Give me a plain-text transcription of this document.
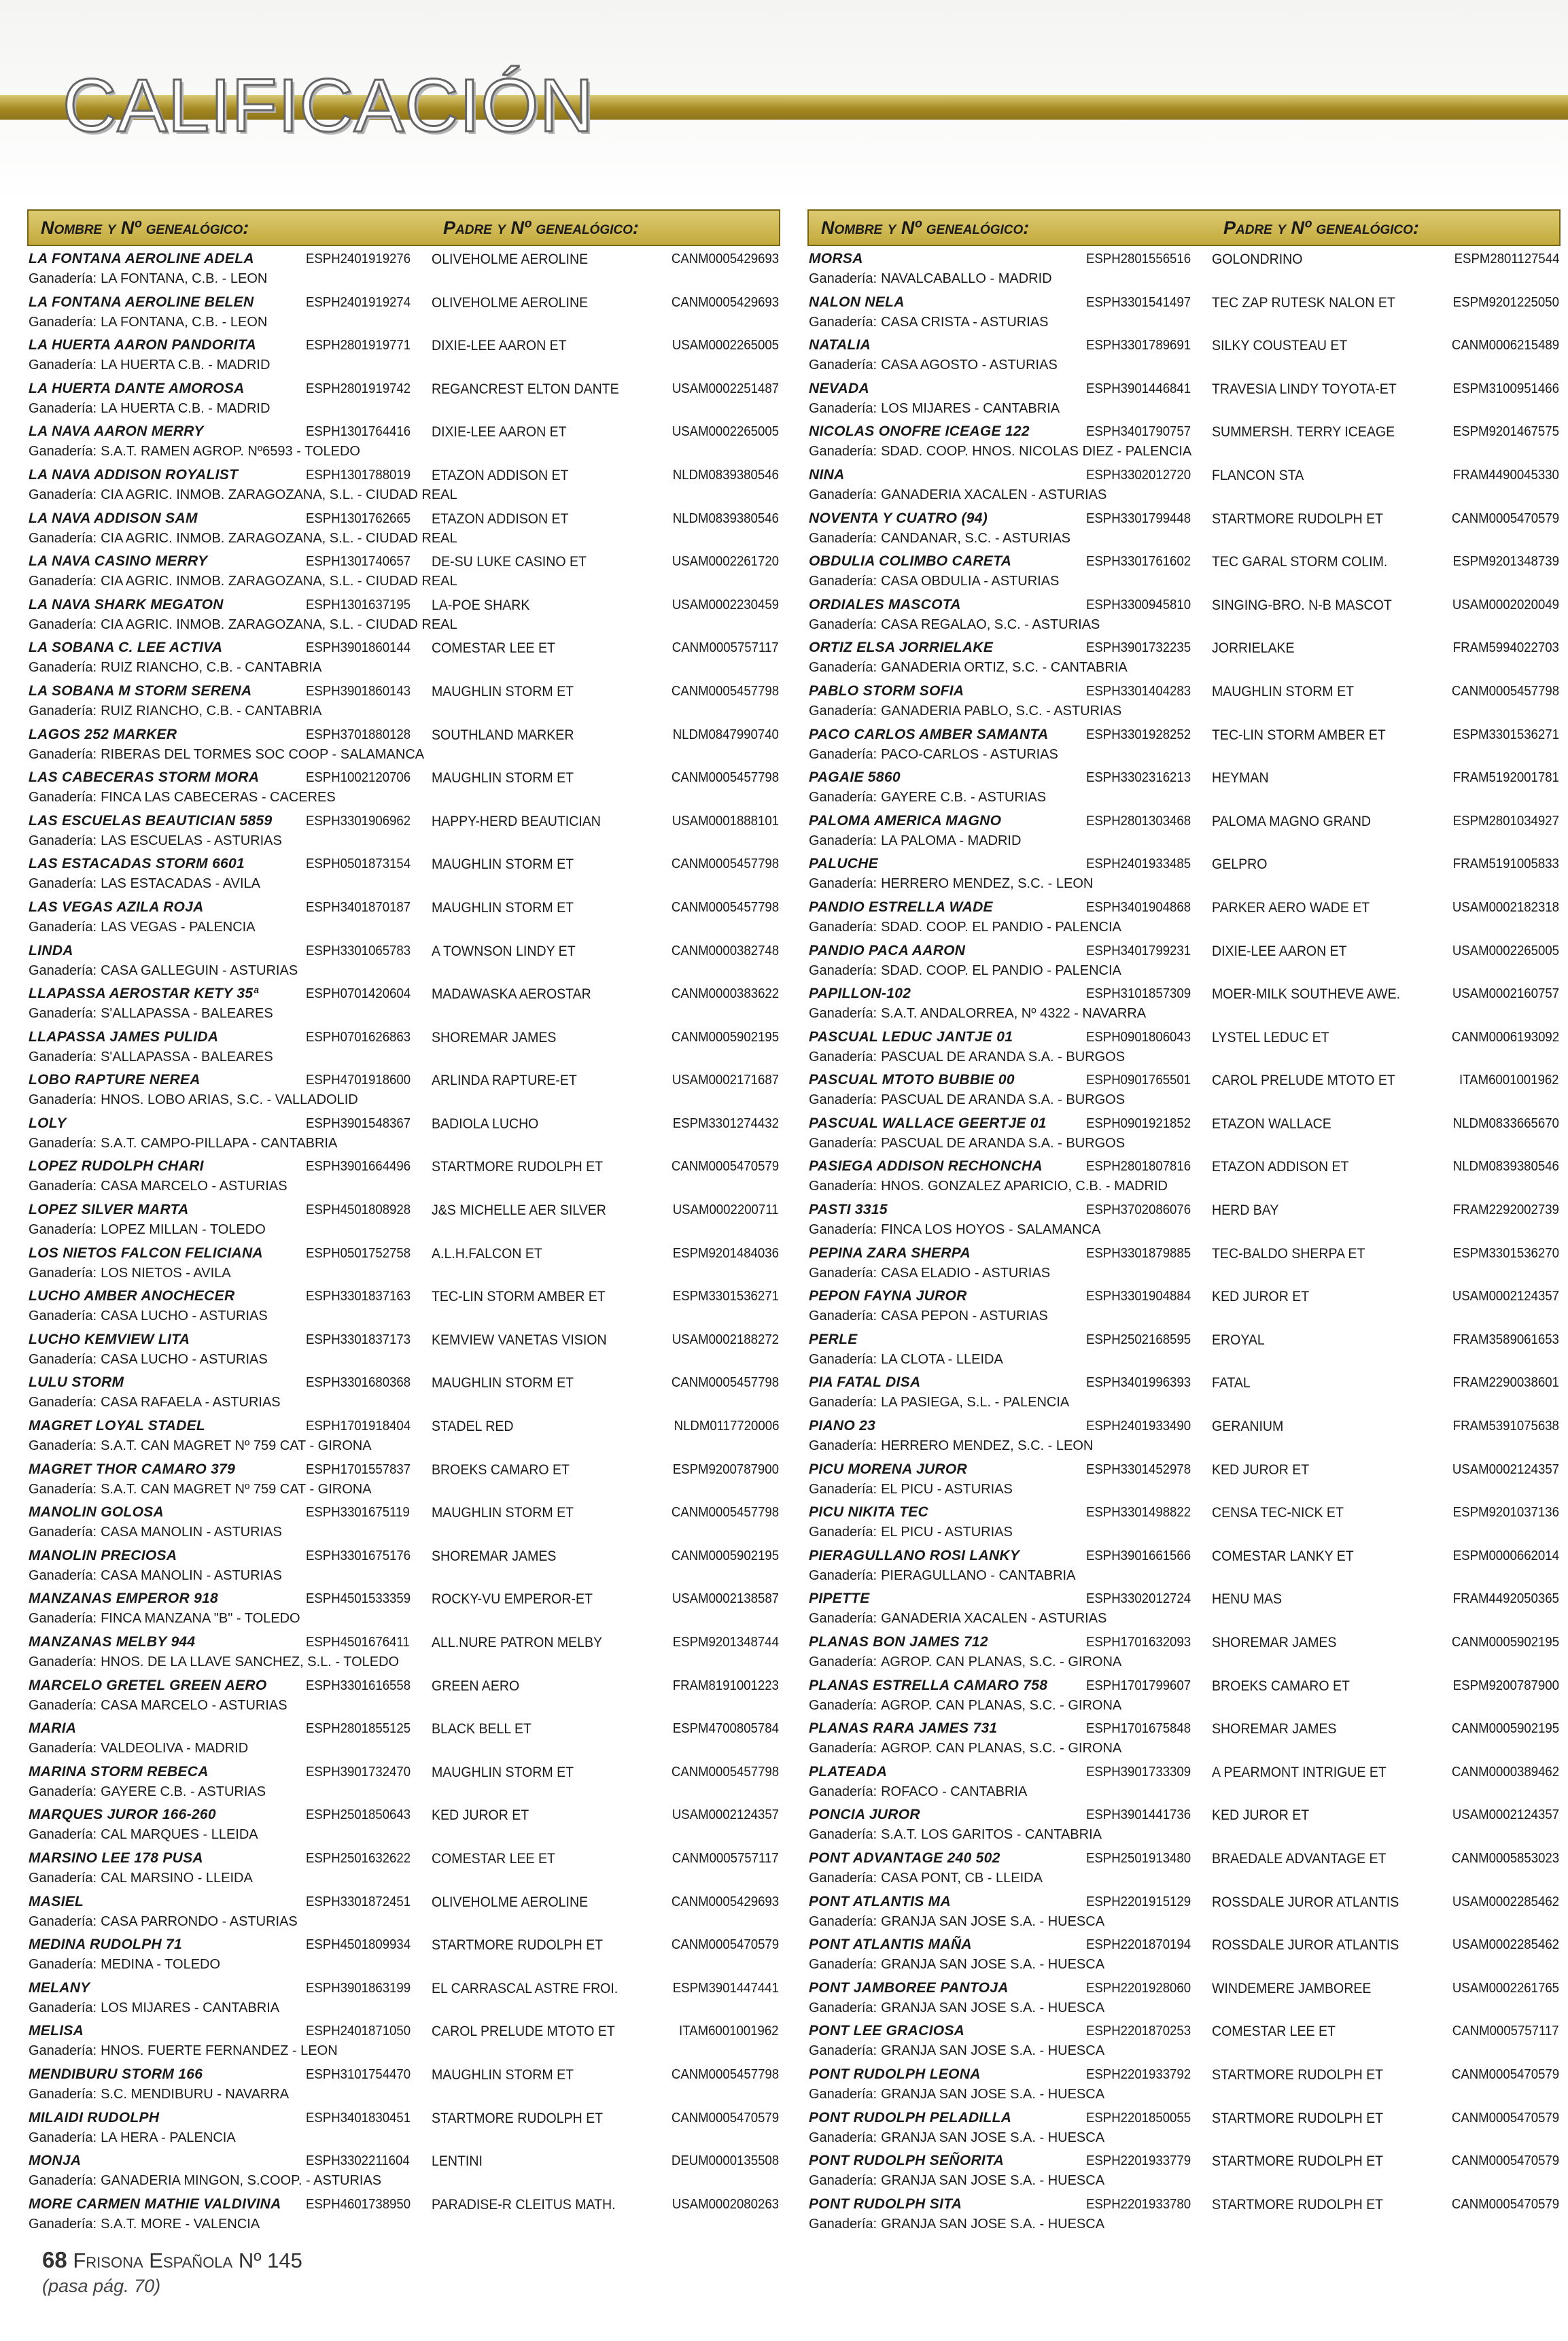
CALIFICACIÓN
Nombre y Nº genealógico:	Padre y Nº genealógico:
LA FONTANA AEROLINE ADELA	ESPH2401919276 OLIVEHOLME AEROLINE	CANM0005429693
Ganadería: LA FONTANA, C.B. - LEON
LA FONTANA AEROLINE BELEN	ESPH2401919274 OLIVEHOLME AEROLINE	CANM0005429693
Ganadería: LA FONTANA, C.B. - LEON
LA HUERTA AARON PANDORITA	ESPH2801919771 DIXIE-LEE AARON ET	USAM0002265005
Ganadería: LA HUERTA C.B. - MADRID
LA HUERTA DANTE AMOROSA	ESPH2801919742 REGANCREST ELTON DANTE	USAM0002251487
Ganadería: LA HUERTA C.B. - MADRID
LA NAVA AARON MERRY	ESPH1301764416 DIXIE-LEE AARON ET	USAM0002265005
Ganadería: S.A.T. RAMEN AGROP. Nº6593 - TOLEDO
LA NAVA ADDISON ROYALIST	ESPH1301788019 ETAZON ADDISON ET	NLDM0839380546
Ganadería: CIA AGRIC. INMOB. ZARAGOZANA, S.L. - CIUDAD REAL
LA NAVA ADDISON SAM	ESPH1301762665 ETAZON ADDISON ET	NLDM0839380546
Ganadería: CIA AGRIC. INMOB. ZARAGOZANA, S.L. - CIUDAD REAL
LA NAVA CASINO MERRY	ESPH1301740657 DE-SU LUKE CASINO ET	USAM0002261720
Ganadería: CIA AGRIC. INMOB. ZARAGOZANA, S.L. - CIUDAD REAL
LA NAVA SHARK MEGATON	ESPH1301637195 LA-POE SHARK	USAM0002230459
Ganadería: CIA AGRIC. INMOB. ZARAGOZANA, S.L. - CIUDAD REAL
LA SOBANA C. LEE ACTIVA	ESPH3901860144 COMESTAR LEE ET	CANM0005757117
Ganadería: RUIZ RIANCHO, C.B. - CANTABRIA
LA SOBANA M STORM SERENA	ESPH3901860143 MAUGHLIN STORM ET	CANM0005457798
Ganadería: RUIZ RIANCHO, C.B. - CANTABRIA
LAGOS 252 MARKER	ESPH3701880128 SOUTHLAND MARKER	NLDM0847990740
Ganadería: RIBERAS DEL TORMES SOC COOP - SALAMANCA
LAS CABECERAS STORM MORA	ESPH1002120706 MAUGHLIN STORM ET	CANM0005457798
Ganadería: FINCA LAS CABECERAS - CACERES
LAS ESCUELAS BEAUTICIAN 5859 ESPH3301906962 HAPPY-HERD BEAUTICIAN	USAM0001888101
Ganadería: LAS ESCUELAS - ASTURIAS
LAS ESTACADAS STORM 6601	ESPH0501873154 MAUGHLIN STORM ET	CANM0005457798
Ganadería: LAS ESTACADAS - AVILA
LAS VEGAS AZILA ROJA	ESPH3401870187 MAUGHLIN STORM ET	CANM0005457798
Ganadería: LAS VEGAS - PALENCIA
LINDA	ESPH3301065783 A TOWNSON LINDY ET	CANM0000382748
Ganadería: CASA GALLEGUIN - ASTURIAS
LLAPASSA AEROSTAR KETY 35ª	ESPH0701420604 MADAWASKA AEROSTAR	CANM0000383622
Ganadería: S'ALLAPASSA - BALEARES
LLAPASSA JAMES PULIDA	ESPH0701626863 SHOREMAR JAMES	CANM0005902195
Ganadería: S'ALLAPASSA - BALEARES
LOBO RAPTURE NEREA	ESPH4701918600 ARLINDA RAPTURE-ET	USAM0002171687
Ganadería: HNOS. LOBO ARIAS, S.C. - VALLADOLID
LOLY	ESPH3901548367 BADIOLA LUCHO	ESPM3301274432
Ganadería: S.A.T. CAMPO-PILLAPA - CANTABRIA
LOPEZ RUDOLPH CHARI	ESPH3901664496 STARTMORE RUDOLPH ET	CANM0005470579
Ganadería: CASA MARCELO - ASTURIAS
LOPEZ SILVER MARTA	ESPH4501808928 J&S MICHELLE AER SILVER	USAM0002200711
Ganadería: LOPEZ MILLAN - TOLEDO
LOS NIETOS FALCON FELICIANA	ESPH0501752758 A.L.H.FALCON ET	ESPM9201484036
Ganadería: LOS NIETOS - AVILA
LUCHO AMBER ANOCHECER	ESPH3301837163 TEC-LIN STORM AMBER ET	ESPM3301536271
Ganadería: CASA LUCHO - ASTURIAS
LUCHO KEMVIEW LITA	ESPH3301837173 KEMVIEW VANETAS VISION	USAM0002188272
Ganadería: CASA LUCHO - ASTURIAS
LULU STORM	ESPH3301680368 MAUGHLIN STORM ET	CANM0005457798
Ganadería: CASA RAFAELA - ASTURIAS
MAGRET LOYAL STADEL	ESPH1701918404 STADEL RED	NLDM0117720006
Ganadería: S.A.T. CAN MAGRET Nº 759 CAT - GIRONA
MAGRET THOR CAMARO 379	ESPH1701557837 BROEKS CAMARO ET	ESPM9200787900
Ganadería: S.A.T. CAN MAGRET Nº 759 CAT - GIRONA
MANOLIN GOLOSA	ESPH3301675119 MAUGHLIN STORM ET	CANM0005457798
Ganadería: CASA MANOLIN - ASTURIAS
MANOLIN PRECIOSA	ESPH3301675176 SHOREMAR JAMES	CANM0005902195
Ganadería: CASA MANOLIN - ASTURIAS
MANZANAS EMPEROR 918	ESPH4501533359 ROCKY-VU EMPEROR-ET	USAM0002138587
Ganadería: FINCA MANZANA "B" - TOLEDO
MANZANAS MELBY 944	ESPH4501676411 ALL.NURE PATRON MELBY	ESPM9201348744
Ganadería: HNOS. DE LA LLAVE SANCHEZ, S.L. - TOLEDO
MARCELO GRETEL GREEN AERO	ESPH3301616558 GREEN AERO	FRAM8191001223
Ganadería: CASA MARCELO - ASTURIAS
MARIA	ESPH2801855125 BLACK BELL ET	ESPM4700805784
Ganadería: VALDEOLIVA - MADRID
MARINA STORM REBECA	ESPH3901732470 MAUGHLIN STORM ET	CANM0005457798
Ganadería: GAYERE C.B. - ASTURIAS
MARQUES JUROR 166-260	ESPH2501850643 KED JUROR ET	USAM0002124357
Ganadería: CAL MARQUES - LLEIDA
MARSINO LEE 178 PUSA	ESPH2501632622 COMESTAR LEE ET	CANM0005757117
Ganadería: CAL MARSINO - LLEIDA
MASIEL	ESPH3301872451 OLIVEHOLME AEROLINE	CANM0005429693
Ganadería: CASA PARRONDO - ASTURIAS
MEDINA RUDOLPH 71	ESPH4501809934 STARTMORE RUDOLPH ET	CANM0005470579
Ganadería: MEDINA - TOLEDO
MELANY	ESPH3901863199 EL CARRASCAL ASTRE FROI.	ESPM3901447441
Ganadería: LOS MIJARES - CANTABRIA
MELISA	ESPH2401871050 CAROL PRELUDE MTOTO ET	ITAM6001001962
Ganadería: HNOS. FUERTE FERNANDEZ - LEON
MENDIBURU STORM 166	ESPH3101754470 MAUGHLIN STORM ET	CANM0005457798
Ganadería: S.C. MENDIBURU - NAVARRA
MILAIDI RUDOLPH	ESPH3401830451 STARTMORE RUDOLPH ET	CANM0005470579
Ganadería: LA HERA - PALENCIA
MONJA	ESPH3302211604 LENTINI	DEUM0000135508
Ganadería: GANADERIA MINGON, S.COOP. - ASTURIAS
MORE CARMEN MATHIE VALDIVINA ESPH4601738950 PARADISE-R CLEITUS MATH.	USAM0002080263
Ganadería: S.A.T. MORE - VALENCIA
Nombre y Nº genealógico:	Padre y Nº genealógico:
MORSA	ESPH2801556516 GOLONDRINO	ESPM2801127544
Ganadería: NAVALCABALLO - MADRID
NALON NELA	ESPH3301541497 TEC ZAP RUTESK NALON ET	ESPM9201225050
Ganadería: CASA CRISTA - ASTURIAS
NATALIA	ESPH3301789691 SILKY COUSTEAU ET	CANM0006215489
Ganadería: CASA AGOSTO - ASTURIAS
NEVADA	ESPH3901446841 TRAVESIA LINDY TOYOTA-ET	ESPM3100951466
Ganadería: LOS MIJARES - CANTABRIA
NICOLAS ONOFRE ICEAGE 122	ESPH3401790757 SUMMERSH. TERRY ICEAGE	ESPM9201467575
Ganadería: SDAD. COOP. HNOS. NICOLAS DIEZ - PALENCIA
NINA	ESPH3302012720 FLANCON STA	FRAM4490045330
Ganadería: GANADERIA XACALEN - ASTURIAS
NOVENTA Y CUATRO (94)	ESPH3301799448 STARTMORE RUDOLPH ET	CANM0005470579
Ganadería: CANDANAR, S.C. - ASTURIAS
OBDULIA COLIMBO CARETA	ESPH3301761602 TEC GARAL STORM COLIM.	ESPM9201348739
Ganadería: CASA OBDULIA - ASTURIAS
ORDIALES MASCOTA	ESPH3300945810 SINGING-BRO. N-B MASCOT	USAM0002020049
Ganadería: CASA REGALAO, S.C. - ASTURIAS
ORTIZ ELSA JORRIELAKE	ESPH3901732235 JORRIELAKE	FRAM5994022703
Ganadería: GANADERIA ORTIZ, S.C. - CANTABRIA
PABLO STORM SOFIA	ESPH3301404283 MAUGHLIN STORM ET	CANM0005457798
Ganadería: GANADERIA PABLO, S.C. - ASTURIAS
PACO CARLOS AMBER SAMANTA	ESPH3301928252 TEC-LIN STORM AMBER ET	ESPM3301536271
Ganadería: PACO-CARLOS - ASTURIAS
PAGAIE 5860	ESPH3302316213 HEYMAN	FRAM5192001781
Ganadería: GAYERE C.B. - ASTURIAS
PALOMA AMERICA MAGNO	ESPH2801303468 PALOMA MAGNO GRAND	ESPM2801034927
Ganadería: LA PALOMA - MADRID
PALUCHE	ESPH2401933485 GELPRO	FRAM5191005833
Ganadería: HERRERO MENDEZ, S.C. - LEON
PANDIO ESTRELLA WADE	ESPH3401904868 PARKER AERO WADE ET	USAM0002182318
Ganadería: SDAD. COOP. EL PANDIO - PALENCIA
PANDIO PACA AARON	ESPH3401799231 DIXIE-LEE AARON ET	USAM0002265005
Ganadería: SDAD. COOP. EL PANDIO - PALENCIA
PAPILLON-102	ESPH3101857309 MOER-MILK SOUTHEVE AWE.	USAM0002160757
Ganadería: S.A.T. ANDALORREA, Nº 4322 - NAVARRA
PASCUAL LEDUC JANTJE 01	ESPH0901806043 LYSTEL LEDUC ET	CANM0006193092
Ganadería: PASCUAL DE ARANDA S.A. - BURGOS
PASCUAL MTOTO BUBBIE 00	ESPH0901765501 CAROL PRELUDE MTOTO ET	ITAM6001001962
Ganadería: PASCUAL DE ARANDA S.A. - BURGOS
PASCUAL WALLACE GEERTJE 01	ESPH0901921852 ETAZON WALLACE	NLDM0833665670
Ganadería: PASCUAL DE ARANDA S.A. - BURGOS
PASIEGA ADDISON RECHONCHA	ESPH2801807816 ETAZON ADDISON ET	NLDM0839380546
Ganadería: HNOS. GONZALEZ APARICIO, C.B. - MADRID
PASTI 3315	ESPH3702086076 HERD BAY	FRAM2292002739
Ganadería: FINCA LOS HOYOS - SALAMANCA
PEPINA ZARA SHERPA	ESPH3301879885 TEC-BALDO SHERPA ET	ESPM3301536270
Ganadería: CASA ELADIO - ASTURIAS
PEPON FAYNA JUROR	ESPH3301904884 KED JUROR ET	USAM0002124357
Ganadería: CASA PEPON - ASTURIAS
PERLE	ESPH2502168595 EROYAL	FRAM3589061653
Ganadería: LA CLOTA - LLEIDA
PIA FATAL DISA	ESPH3401996393 FATAL	FRAM2290038601
Ganadería: LA PASIEGA, S.L. - PALENCIA
PIANO 23	ESPH2401933490 GERANIUM	FRAM5391075638
Ganadería: HERRERO MENDEZ, S.C. - LEON
PICU MORENA JUROR	ESPH3301452978 KED JUROR ET	USAM0002124357
Ganadería: EL PICU - ASTURIAS
PICU NIKITA TEC	ESPH3301498822 CENSA TEC-NICK ET	ESPM9201037136
Ganadería: EL PICU - ASTURIAS
PIERAGULLANO ROSI LANKY	ESPH3901661566 COMESTAR LANKY ET	ESPM0000662014
Ganadería: PIERAGULLANO - CANTABRIA
PIPETTE	ESPH3302012724 HENU MAS	FRAM4492050365
Ganadería: GANADERIA XACALEN - ASTURIAS
PLANAS BON JAMES 712	ESPH1701632093 SHOREMAR JAMES	CANM0005902195
Ganadería: AGROP. CAN PLANAS, S.C. - GIRONA
PLANAS ESTRELLA CAMARO 758	ESPH1701799607 BROEKS CAMARO ET	ESPM9200787900
Ganadería: AGROP. CAN PLANAS, S.C. - GIRONA
PLANAS RARA JAMES 731	ESPH1701675848 SHOREMAR JAMES	CANM0005902195
Ganadería: AGROP. CAN PLANAS, S.C. - GIRONA
PLATEADA	ESPH3901733309 A PEARMONT INTRIGUE ET	CANM0000389462
Ganadería: ROFACO - CANTABRIA
PONCIA JUROR	ESPH3901441736 KED JUROR ET	USAM0002124357
Ganadería: S.A.T. LOS GARITOS - CANTABRIA
PONT ADVANTAGE 240 502	ESPH2501913480 BRAEDALE ADVANTAGE ET	CANM0005853023
Ganadería: CASA PONT, CB - LLEIDA
PONT ATLANTIS MA	ESPH2201915129 ROSSDALE JUROR ATLANTIS	USAM0002285462
Ganadería: GRANJA SAN JOSE S.A. - HUESCA
PONT ATLANTIS MAÑA	ESPH2201870194 ROSSDALE JUROR ATLANTIS	USAM0002285462
Ganadería: GRANJA SAN JOSE S.A. - HUESCA
PONT JAMBOREE PANTOJA	ESPH2201928060 WINDEMERE JAMBOREE	USAM0002261765
Ganadería: GRANJA SAN JOSE S.A. - HUESCA
PONT LEE GRACIOSA	ESPH2201870253 COMESTAR LEE ET	CANM0005757117
Ganadería: GRANJA SAN JOSE S.A. - HUESCA
PONT RUDOLPH LEONA	ESPH2201933792 STARTMORE RUDOLPH ET	CANM0005470579
Ganadería: GRANJA SAN JOSE S.A. - HUESCA
PONT RUDOLPH PELADILLA	ESPH2201850055 STARTMORE RUDOLPH ET	CANM0005470579
Ganadería: GRANJA SAN JOSE S.A. - HUESCA
PONT RUDOLPH SEÑORITA	ESPH2201933779 STARTMORE RUDOLPH ET	CANM0005470579
Ganadería: GRANJA SAN JOSE S.A. - HUESCA
PONT RUDOLPH SITA	ESPH2201933780 STARTMORE RUDOLPH ET	CANM0005470579
Ganadería: GRANJA SAN JOSE S.A. - HUESCA
68 Frisona Española Nº 145
(pasa pág. 70)
